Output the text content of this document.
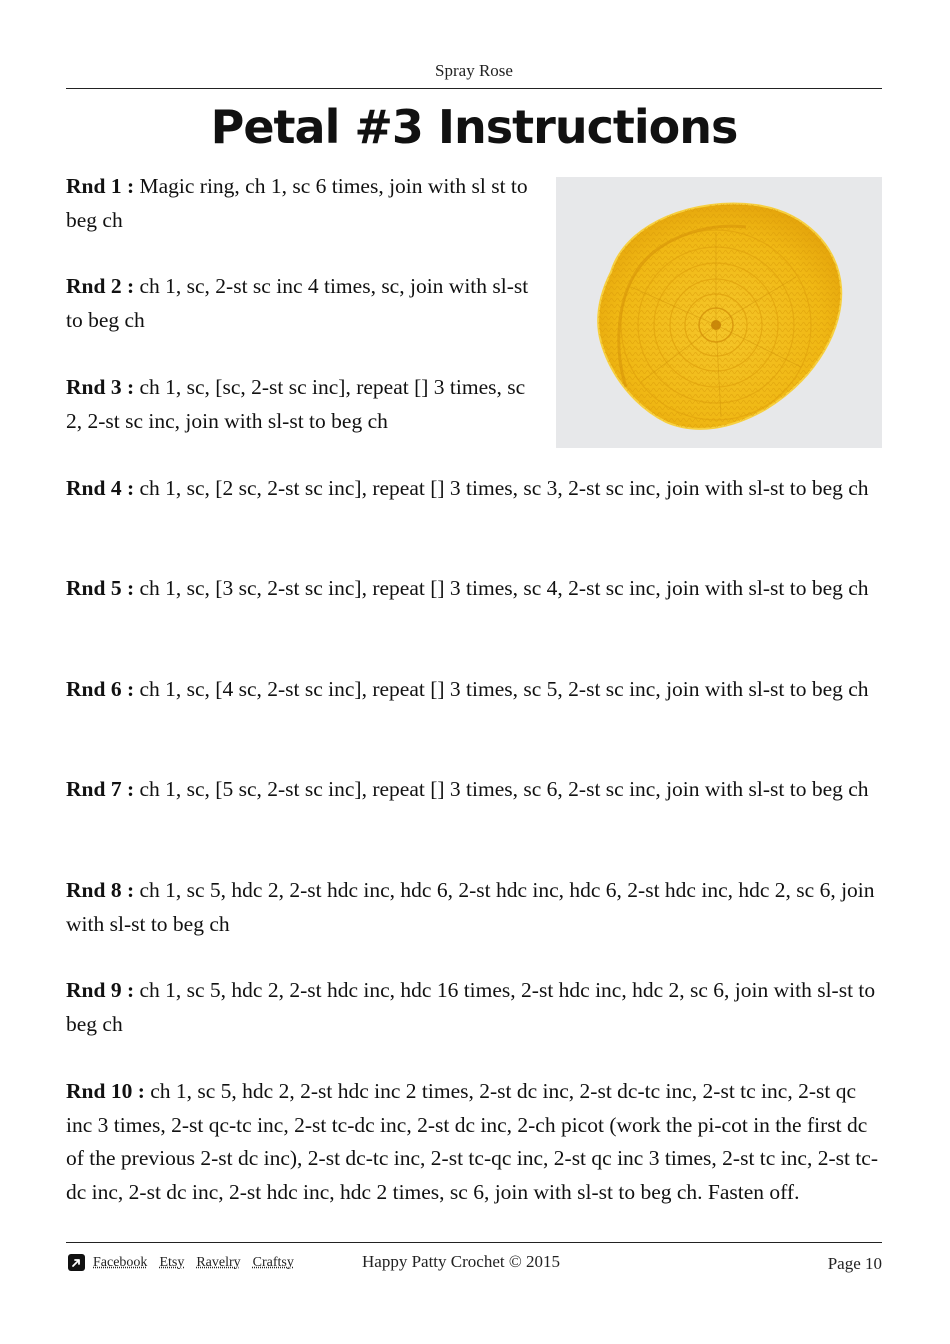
Spray Rose
Petal #3 Instructions
Rnd 1 : Magic ring, ch 1, sc 6 times, join with sl st to beg ch
Rnd 2 : ch 1, sc, 2-st sc inc 4 times, sc, join with sl-st to beg ch
Rnd 3 : ch 1, sc, [sc, 2-st sc inc], repeat [] 3 times, sc 2, 2-st sc inc, join with sl-st to beg ch
Rnd 4 : ch 1, sc, [2 sc, 2-st sc inc], repeat [] 3 times, sc 3, 2-st sc inc, join with sl-st to beg ch
Rnd 5 : ch 1, sc, [3 sc, 2-st sc inc], repeat [] 3 times, sc 4, 2-st sc inc, join with sl-st to beg ch
Rnd 6 : ch 1, sc, [4 sc, 2-st sc inc], repeat [] 3 times, sc 5, 2-st sc inc, join with sl-st to beg ch
Rnd 7 : ch 1, sc, [5 sc, 2-st sc inc], repeat [] 3 times, sc 6, 2-st sc inc, join with sl-st to beg ch
Rnd 8 : ch 1, sc 5, hdc 2, 2-st hdc inc, hdc 6, 2-st hdc inc, hdc 6, 2-st hdc inc, hdc 2, sc 6, join with sl-st to beg ch
Rnd 9 : ch 1, sc 5, hdc 2, 2-st hdc inc, hdc 16 times, 2-st hdc inc, hdc 2, sc 6, join with sl-st to beg ch
Rnd 10 : ch 1, sc 5, hdc 2, 2-st hdc inc 2 times, 2-st dc inc, 2-st dc-tc inc, 2-st tc inc, 2-st qc inc 3 times, 2-st qc-tc inc, 2-st tc-dc inc, 2-st dc inc, 2-ch picot (work the pi-cot in the first dc of the previous 2-st dc inc), 2-st dc-tc inc, 2-st tc-qc inc, 2-st qc inc 3 times, 2-st tc inc, 2-st tc-dc inc, 2-st dc inc, 2-st hdc inc, hdc 2 times, sc 6, join with sl-st to beg ch. Fasten off.
Facebook Etsy Ravelry Craftsy	Happy Patty Crochet © 2015	Page 10
